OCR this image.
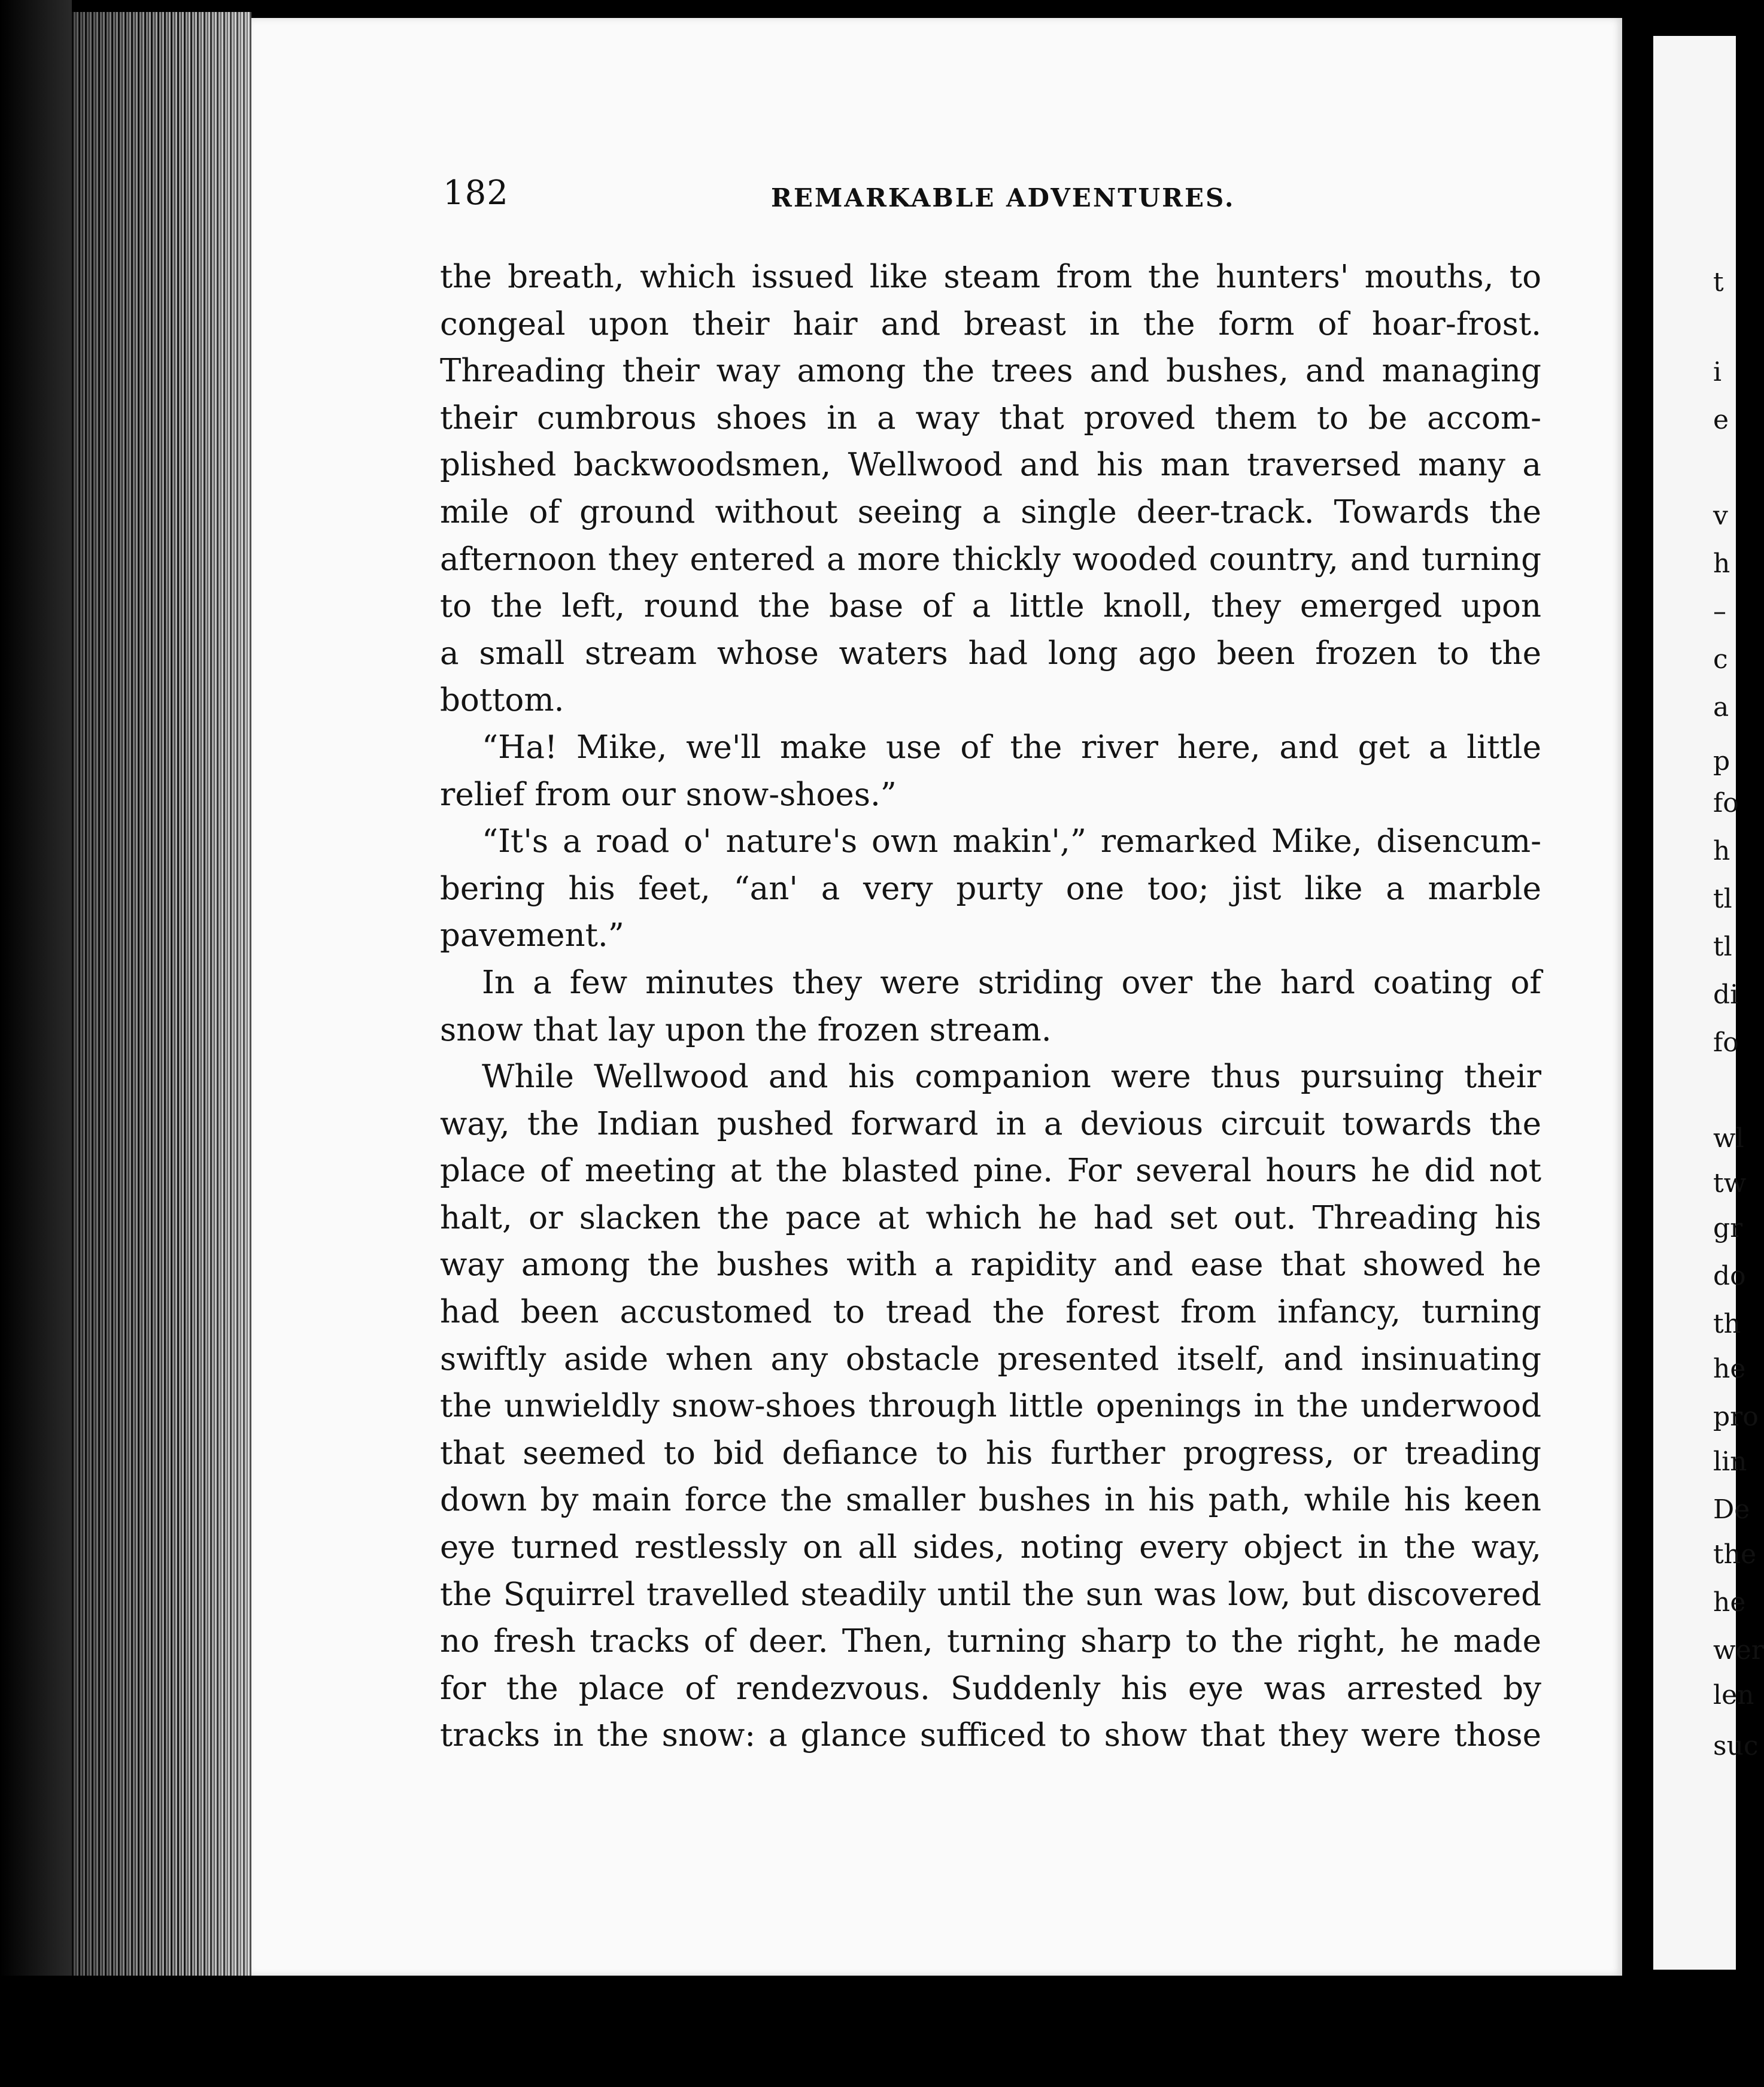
182	REMARKABLE ADVENTURES.
the breath, which issued like steam from the hunters' mouths, to
congeal upon their hair and breast in the form of hoar-frost.
Threading their way among the trees and bushes, and managing
their cumbrous shoes in a way that proved them to be accom-
plished backwoodsmen, Wellwood and his man traversed many a
mile of ground without seeing a single deer-track. Towards the
afternoon they entered a more thickly wooded country, and turning
to the left, round the base of a little knoll, they emerged upon
a small stream whose waters had long ago been frozen to the
bottom.
“Ha! Mike, we'll make use of the river here, and get a little
relief from our snow-shoes.”
“It's a road o' nature's own makin',” remarked Mike, disencum-
bering his feet, “an' a very purty one too; jist like a marble
pavement.”
In a few minutes they were striding over the hard coating of
snow that lay upon the frozen stream.
While Wellwood and his companion were thus pursuing their
way, the Indian pushed forward in a devious circuit towards the
place of meeting at the blasted pine. For several hours he did not
halt, or slacken the pace at which he had set out. Threading his
way among the bushes with a rapidity and ease that showed he
had been accustomed to tread the forest from infancy, turning
swiftly aside when any obstacle presented itself, and insinuating
the unwieldly snow-shoes through little openings in the underwood
that seemed to bid defiance to his further progress, or treading
down by main force the smaller bushes in his path, while his keen
eye turned restlessly on all sides, noting every object in the way,
the Squirrel travelled steadily until the sun was low, but discovered
no fresh tracks of deer. Then, turning sharp to the right, he made
for the place of rendezvous. Suddenly his eye was arrested by
tracks in the snow: a glance sufficed to show that they were those
t
i
e
v
h
–
c
a
p
fo
h
tl
tl
di
fo
wl
tw
gr
do
th
he
pro
lin
De
the
he
wer
len
suc
